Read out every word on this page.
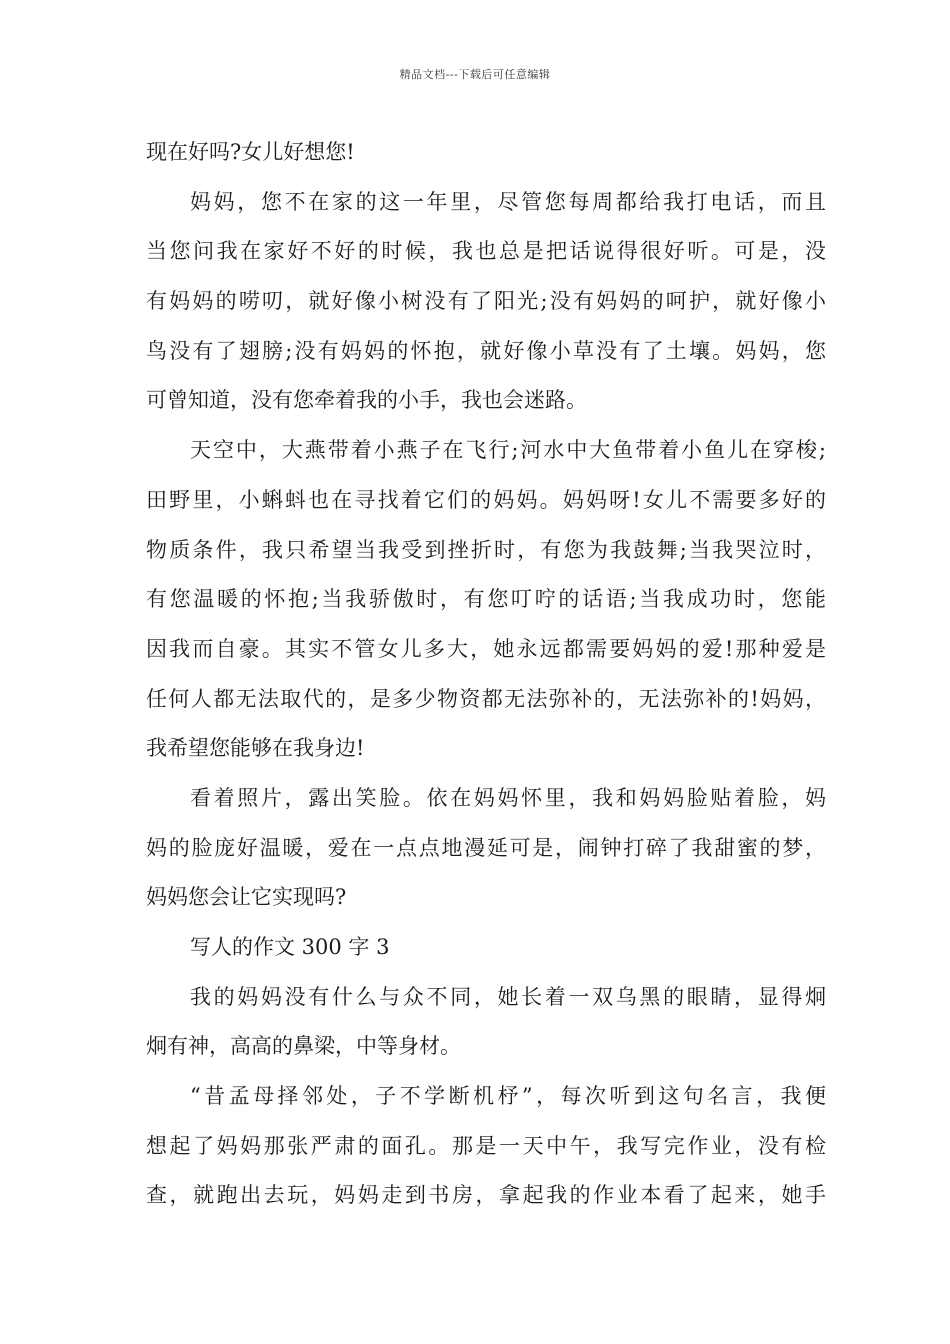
精品文档---下载后可任意编辑
现在好吗?女儿好想您!
妈妈，您不在家的这一年里，尽管您每周都给我打电话，而且
当您问我在家好不好的时候，我也总是把话说得很好听。可是，没
有妈妈的唠叨，就好像小树没有了阳光;没有妈妈的呵护，就好像小
鸟没有了翅膀;没有妈妈的怀抱，就好像小草没有了土壤。妈妈，您
可曾知道，没有您牵着我的小手，我也会迷路。
天空中，大燕带着小燕子在飞行;河水中大鱼带着小鱼儿在穿梭;
田野里，小蝌蚪也在寻找着它们的妈妈。妈妈呀!女儿不需要多好的
物质条件，我只希望当我受到挫折时，有您为我鼓舞;当我哭泣时，
有您温暖的怀抱;当我骄傲时，有您叮咛的话语;当我成功时，您能
因我而自豪。其实不管女儿多大，她永远都需要妈妈的爱!那种爱是
任何人都无法取代的，是多少物资都无法弥补的，无法弥补的!妈妈，
我希望您能够在我身边!
看着照片，露出笑脸。依在妈妈怀里，我和妈妈脸贴着脸，妈
妈的脸庞好温暖，爱在一点点地漫延可是，闹钟打碎了我甜蜜的梦，
妈妈您会让它实现吗?
写人的作文 300 字 3
我的妈妈没有什么与众不同，她长着一双乌黑的眼睛，显得炯
炯有神，高高的鼻梁，中等身材。
“昔孟母择邻处，子不学断机杼”，每次听到这句名言，我便
想起了妈妈那张严肃的面孔。那是一天中午，我写完作业，没有检
查，就跑出去玩，妈妈走到书房，拿起我的作业本看了起来，她手
